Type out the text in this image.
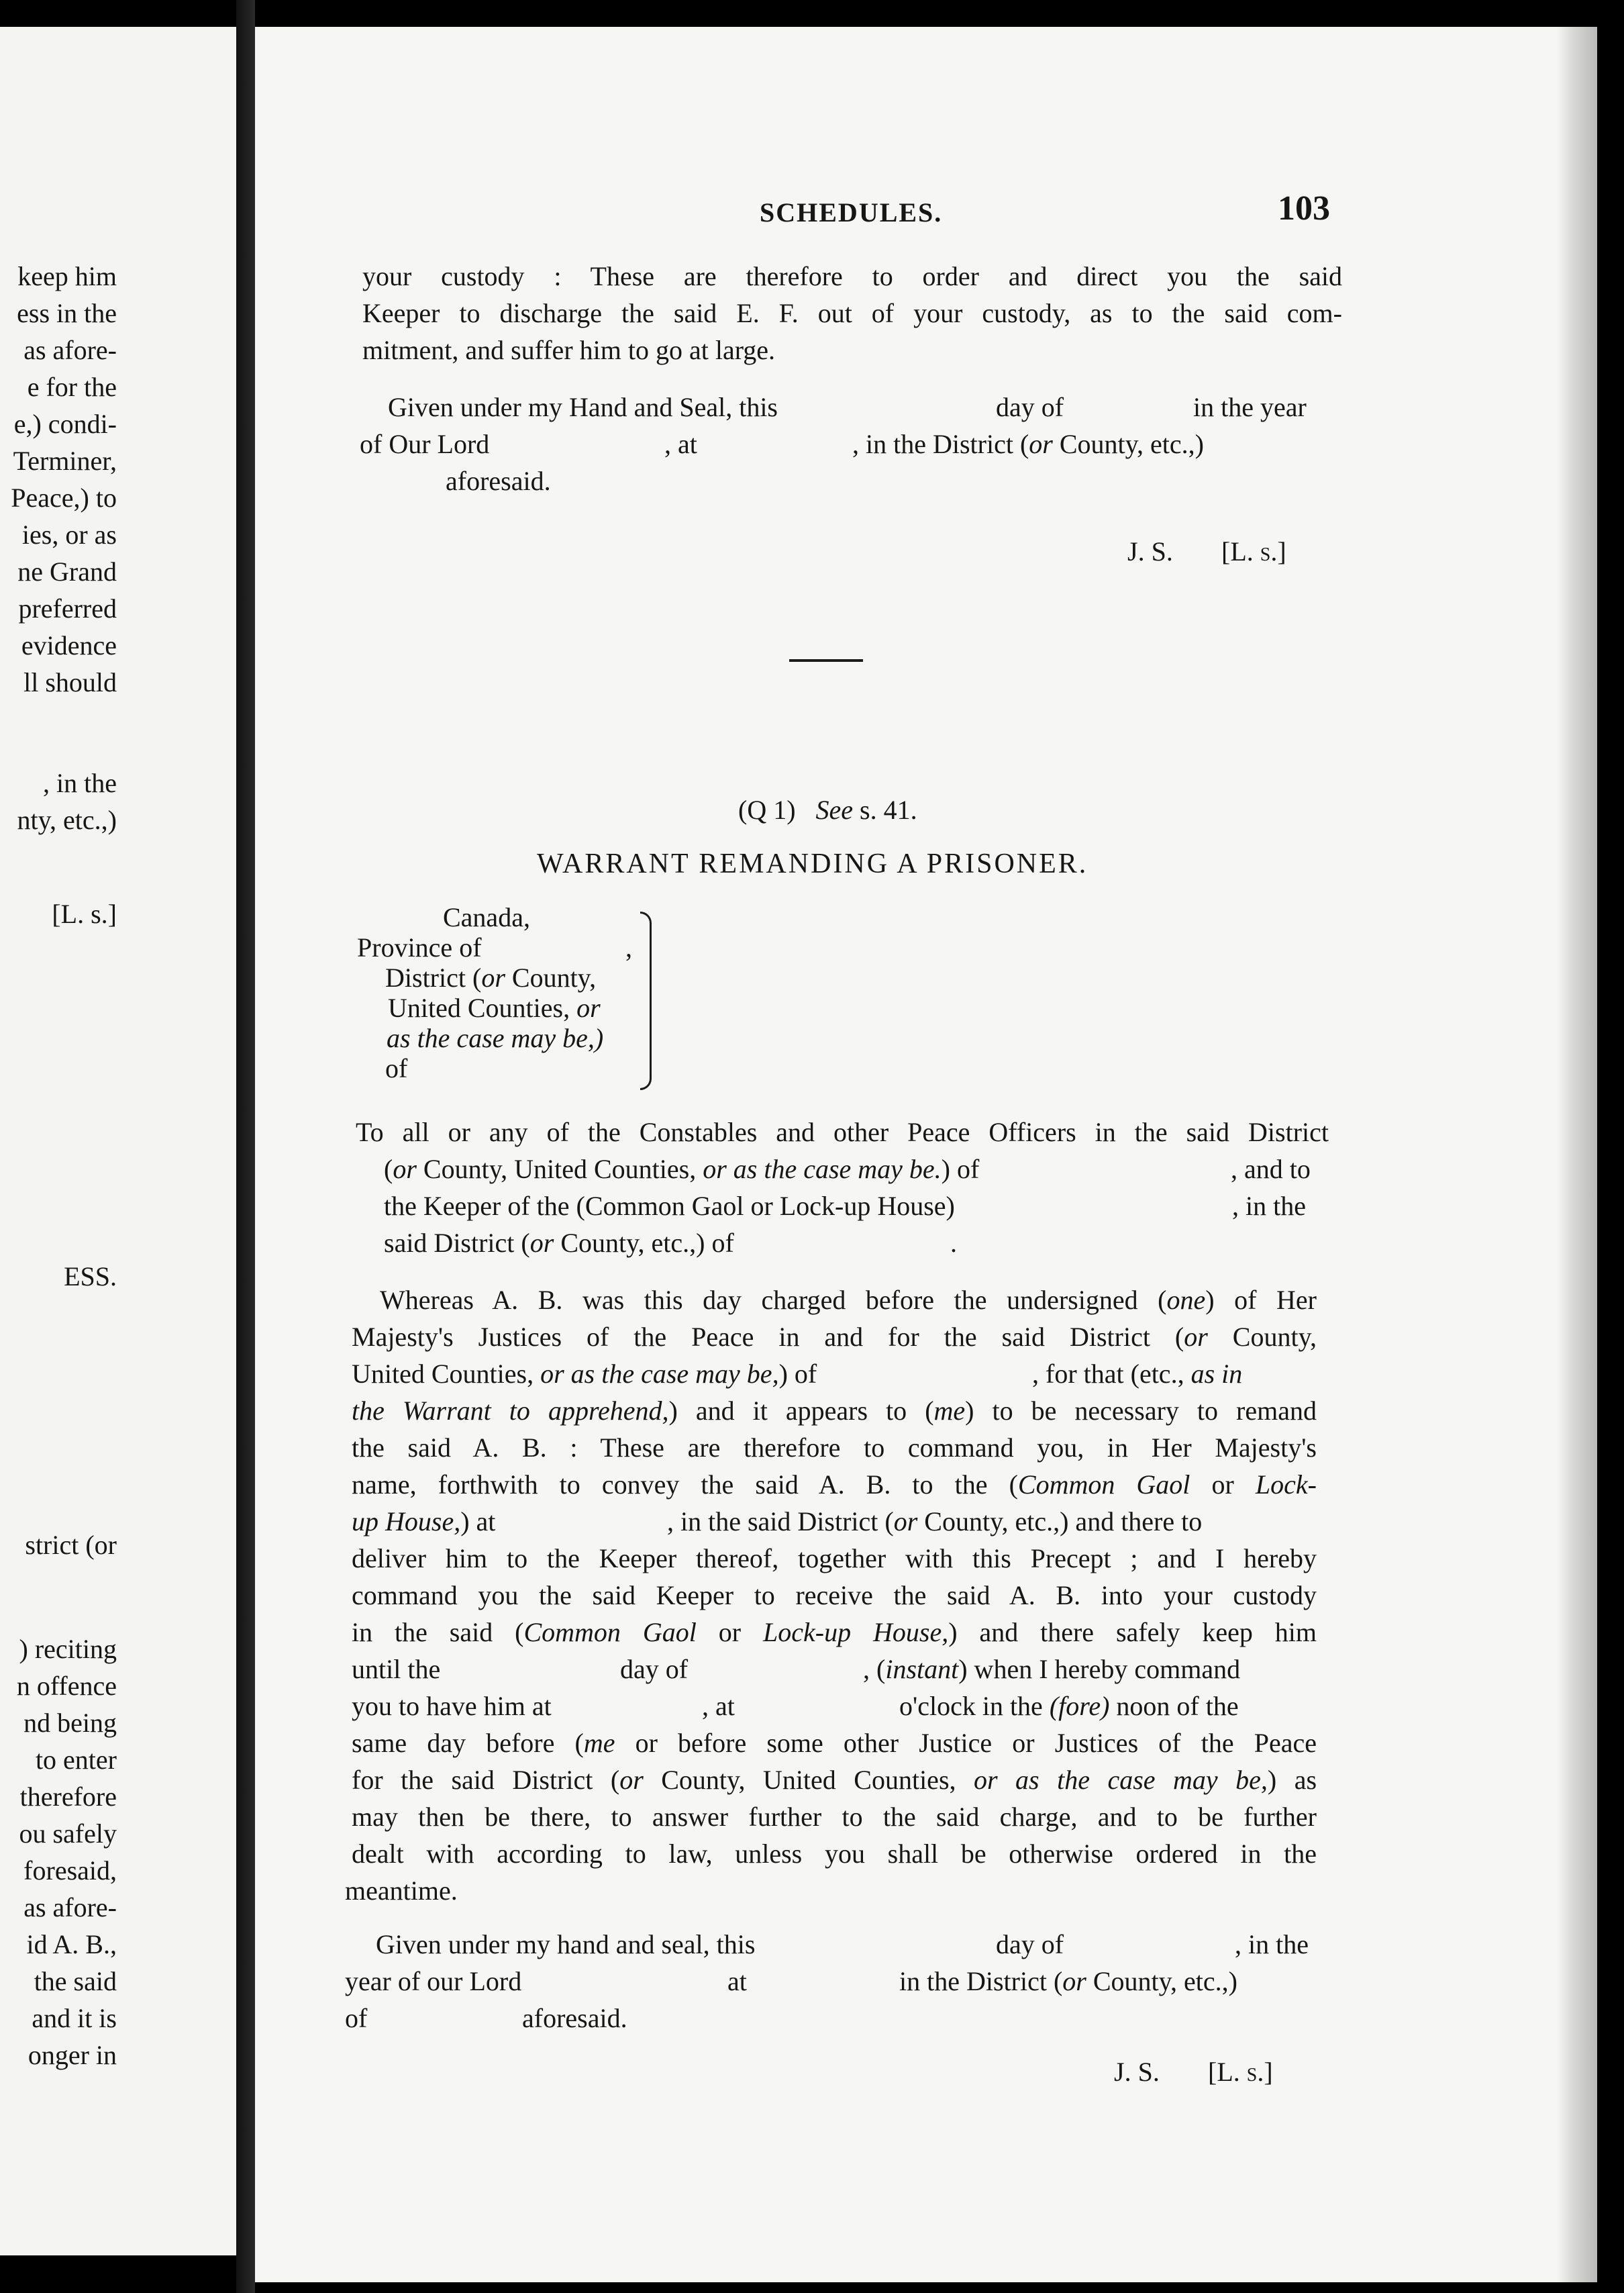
keep him
ess in the
as afore-
e for the
e,) condi-
Terminer,
Peace,) to
ies, or as
ne Grand
preferred
evidence
ll should
, in the
nty, etc.,)
[L. s.]
ESS.
strict (or
) reciting
n offence
nd being
to enter
therefore
ou safely
foresaid,
as afore-
id A. B.,
the said
and it is
onger in
SCHEDULES.	103
your custody : These are therefore to order and direct you the said
Keeper to discharge the said E. F. out of your custody, as to the said com-
mitment, and suffer him to go at large.
Given under my Hand and Seal, this	day of	in the year
of Our Lord	, at	, in the District (or County, etc.,)
aforesaid.
J. S. [L. s.]
(Q 1) See s. 41.
WARRANT REMANDING A PRISONER.
Canada,
Province of	,
District (or County,
United Counties, or
as the case may be,)
of
To all or any of the Constables and other Peace Officers in the said District
(or County, United Counties, or as the case may be.) of	, and to
the Keeper of the (Common Gaol or Lock-up House)	, in the
said District (or County, etc.,) of	.
Whereas A. B. was this day charged before the undersigned (one) of Her
Majesty's Justices of the Peace in and for the said District (or County,
United Counties, or as the case may be,) of	, for that (etc., as in
the Warrant to apprehend,) and it appears to (me) to be necessary to remand
the said A. B. : These are therefore to command you, in Her Majesty's
name, forthwith to convey the said A. B. to the (Common Gaol or Lock-
up House,) at	, in the said District (or County, etc.,) and there to
deliver him to the Keeper thereof, together with this Precept ; and I hereby
command you the said Keeper to receive the said A. B. into your custody
in the said (Common Gaol or Lock-up House,) and there safely keep him
until the	day of	, (instant) when I hereby command
you to have him at	, at	o'clock in the (fore) noon of the
same day before (me or before some other Justice or Justices of the Peace
for the said District (or County, United Counties, or as the case may be,) as
may then be there, to answer further to the said charge, and to be further
dealt with according to law, unless you shall be otherwise ordered in the
meantime.
Given under my hand and seal, this	day of	, in the
year of our Lord	at	in the District (or County, etc.,)
of	aforesaid.
J. S. [L. s.]
